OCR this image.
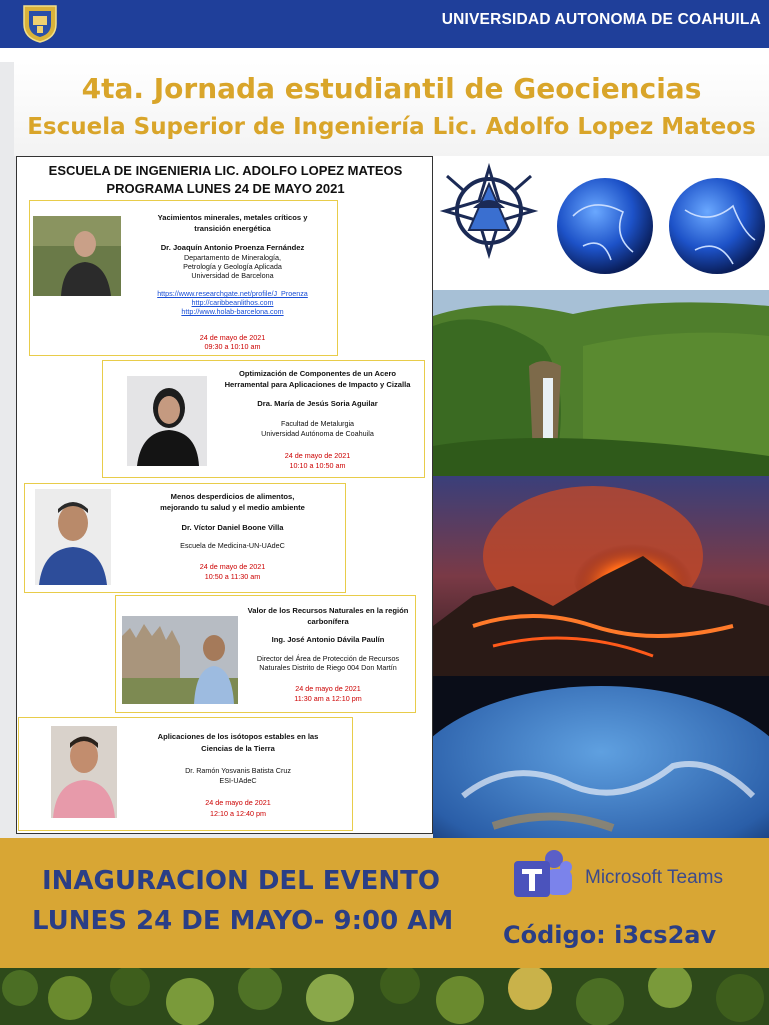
UNIVERSIDAD AUTONOMA DE COAHUILA
4ta. Jornada estudiantil de Geociencias
Escuela Superior de Ingeniería Lic. Adolfo Lopez Mateos
ESCUELA DE INGENIERIA LIC. ADOLFO LOPEZ MATEOS
PROGRAMA LUNES 24 DE MAYO 2021
Yacimientos minerales, metales críticos y
transición energética
Dr. Joaquín Antonio Proenza Fernández
Departamento de Mineralogía,
Petrología y Geología Aplicada
Universidad de Barcelona
https://www.researchgate.net/profile/J_Proenza
http://caribbeanlithos.com
http://www.holab-barcelona.com
24 de mayo de 2021
09:30 a 10:10 am
Optimización de Componentes de un Acero
Herramental para Aplicaciones de Impacto y Cizalla
Dra. María de Jesús Soria Aguilar
Facultad de Metalurgia
Universidad Autónoma de Coahuila
24 de mayo de 2021
10:10 a 10:50 am
Menos desperdicios de alimentos,
mejorando tu salud y el medio ambiente
Dr. Víctor Daniel Boone Villa
Escuela de Medicina-UN-UAdeC
24 de mayo de 2021
10:50 a 11:30 am
Valor de los Recursos Naturales en la región
carbonífera
Ing. José Antonio Dávila Paulín
Director del Área de Protección de Recursos
Naturales Distrito de Riego 004 Don Martín
24 de mayo de 2021
11:30 am a 12:10 pm
Aplicaciones de los isótopos estables en las
Ciencias de la Tierra
Dr. Ramón Yosvanis Batista Cruz
ESI-UAdeC
24 de mayo de 2021
12:10 a 12:40 pm
INAGURACION DEL EVENTO
LUNES 24 DE MAYO- 9:00 AM
Microsoft Teams
Código: i3cs2av
